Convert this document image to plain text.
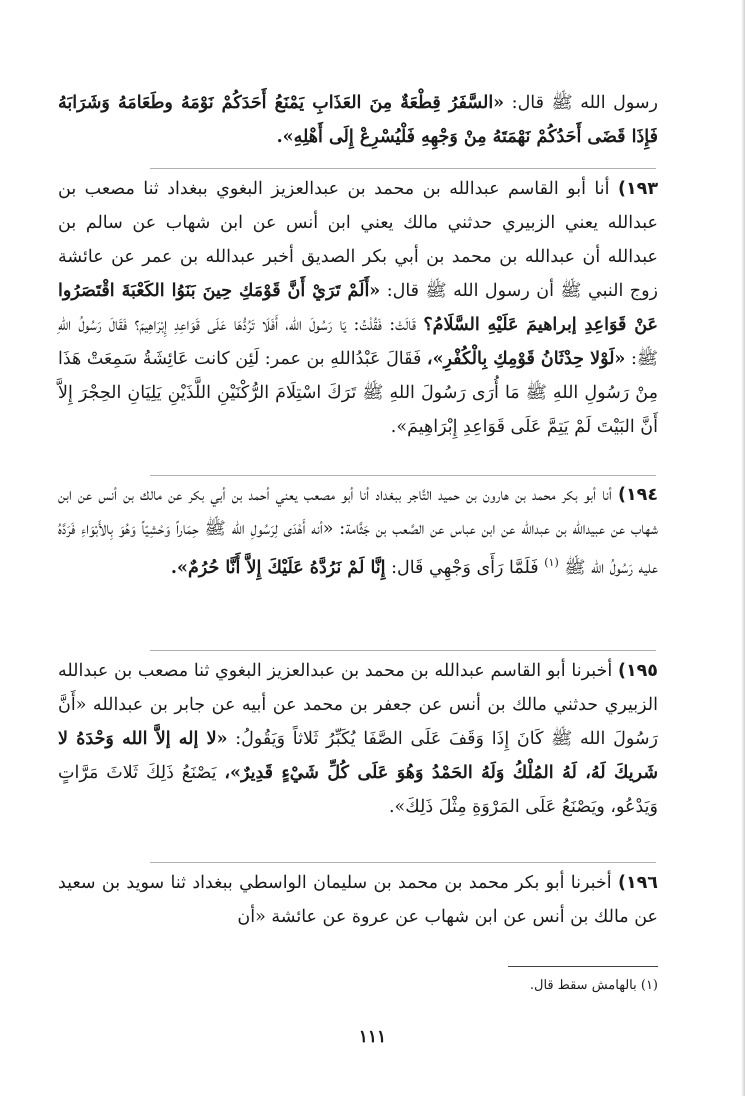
رسول الله ﷺ قال: «السَّفَرُ قِطْعَةٌ مِنَ العَذَابِ يَمْنَعُ أَحَدَكُمْ نَوْمَهُ وطَعَامَهُ وَشَرَابَهُ فَإِذَا قَضَى أَحَدُكُمْ نَهْمَتَهُ مِنْ وَجْهِهِ فَلْيُسْرِعْ إِلَى أَهْلِهِ».

١٩٣) أنا أبو القاسم عبدالله بن محمد بن عبدالعزيز البغوي ببغداد ثنا مصعب بن عبدالله يعني الزبيري حدثني مالك يعني ابن أنس عن ابن شهاب عن سالم بن عبدالله أن عبدالله بن محمد بن أبي بكر الصديق أخبر عبدالله بن عمر عن عائشة زوج النبي ﷺ أن رسول الله ﷺ قال: «أَلَمْ تَرَيْ أَنَّ قَوْمَكِ حِينَ بَنَوُا الكَعْبَةَ اقْتَصَرُوا عَنْ قَوَاعِدِ إبراهيمَ عَلَيْهِ السَّلَامُ؟ قَالَتْ: فَقُلْتُ: يَا رَسُولَ الله، أَفَلَا تَرُدُّهَا عَلَى قَوَاعِدِ إِبْرَاهِيمَ؟ فَقَالَ رَسُولُ اللهِ ﷺ: «لَوْلا حِدْثَانُ قَوْمِكِ بِالْكُفْرِ»، فَقَالَ عَبْدُاللهِ بن عمر: لَئِن كانت عَائِشَةُ سَمِعَتْ هَذَا مِنْ رَسُولِ اللهِ ﷺ مَا أُرَى رَسُولَ اللهِ ﷺ تَرَكَ اسْتِلَامَ الرُّكْنَيْنِ اللَّذَيْنِ يَلِيَانِ الحِجْرَ إِلاَّ أَنَّ البَيْتَ لَمْ يَتِمَّ عَلَى قَوَاعِدِ إِبْرَاهِيمَ».

١٩٤) أنا أبو بكر محمد بن هارون بن حميد التَّاجر ببغداد أنا أبو مصعب يعني أحمد بن أبي بكر عن مالك بن أنس عن ابن شهاب عن عبيدالله بن عبدالله عن ابن عباس عن الصَّعب بن جَثَّامة: «أنه أَهْدَى لِرَسُولِ الله ﷺ حِمَاراً وَحْشِيّاً وَهُوَ بِالأَبْوَاءِ فَرَدَّهُ عليه رَسُولُ الله ﷺ $^{(١)}$ فَلَمَّا رَأَى وَجْهِي قَال: إِنَّا لَمْ نَرُدَّهُ عَلَيْكَ إِلاَّ أَنَّا حُرُمٌ».

١٩٥) أخبرنا أبو القاسم عبدالله بن محمد بن عبدالعزيز البغوي ثنا مصعب بن عبدالله الزبيري حدثني مالك بن أنس عن جعفر بن محمد عن أبيه عن جابر بن عبدالله «أَنَّ رَسُولَ الله ﷺ كَانَ إِذَا وَقَفَ عَلَى الصَّفَا يُكَبِّرُ ثَلاثاً وَيَقُولُ: «لا إله إلاَّ الله وَحْدَهُ لا شَريكَ لَهُ، لَهُ المُلْكُ وَلَهُ الحَمْدُ وَهُوَ عَلَى كُلِّ شَيْءٍ قَدِيرٌ»، يَصْنَعُ ذَلِكَ ثَلاثَ مَرَّاتٍ وَيَدْعُو، ويَصْنَعُ عَلَى المَرْوَةِ مِثْلَ ذَلِكَ».

١٩٦) أخبرنا أبو بكر محمد بن محمد بن سليمان الواسطي ببغداد ثنا سويد بن سعيد عن مالك بن أنس عن ابن شهاب عن عروة عن عائشة «أن

(١) بالهامش سقط قال.
١١١
